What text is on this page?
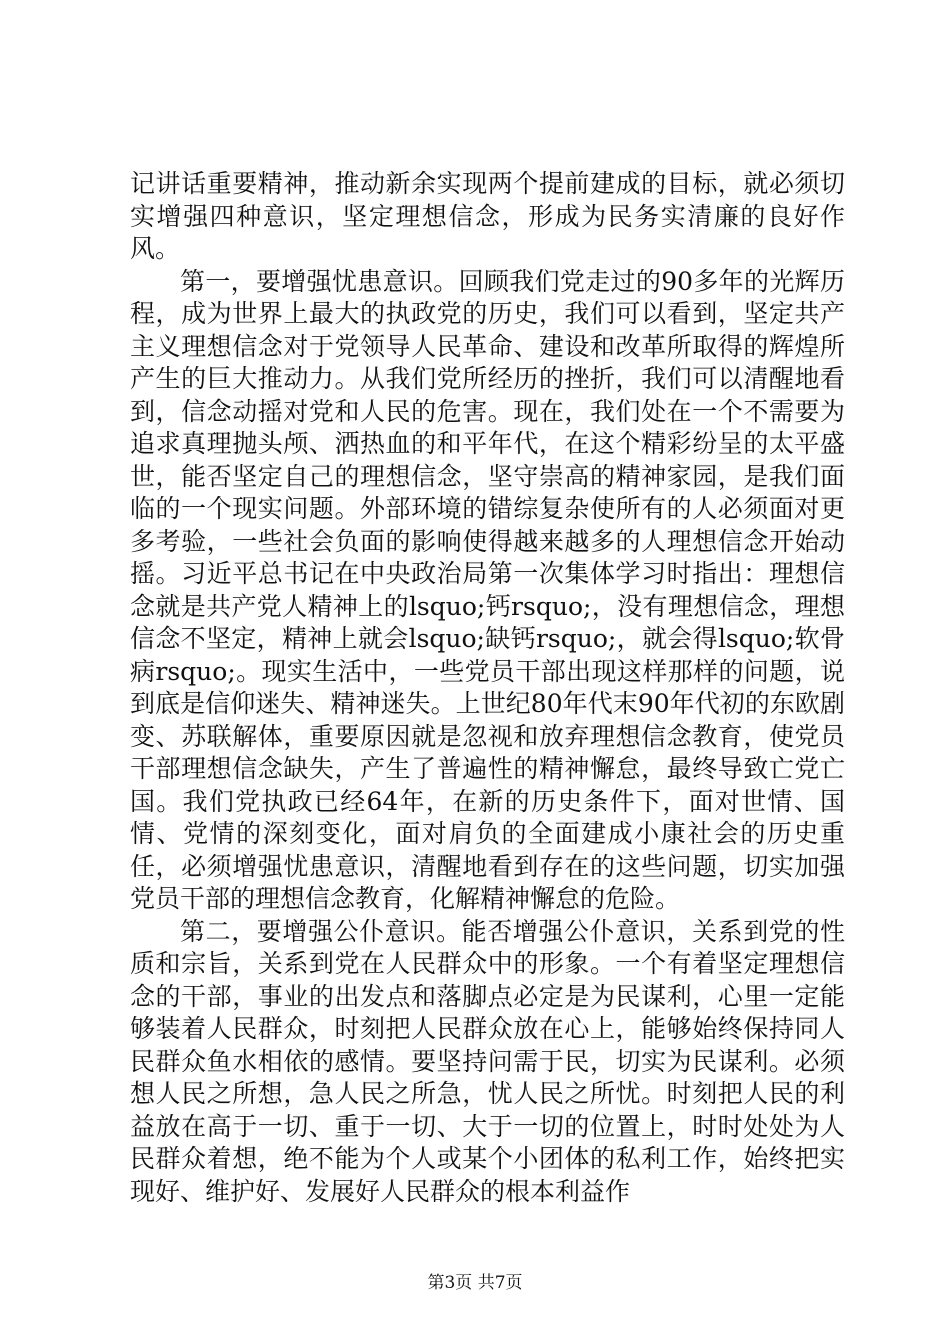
记讲话重要精神，推动新余实现两个提前建成的目标，就必须切实增强四种意识，坚定理想信念，形成为民务实清廉的良好作风。

第一，要增强忧患意识。回顾我们党走过的90多年的光辉历程，成为世界上最大的执政党的历史，我们可以看到，坚定共产主义理想信念对于党领导人民革命、建设和改革所取得的辉煌所产生的巨大推动力。从我们党所经历的挫折，我们可以清醒地看到，信念动摇对党和人民的危害。现在，我们处在一个不需要为追求真理抛头颅、洒热血的和平年代，在这个精彩纷呈的太平盛世，能否坚定自己的理想信念，坚守崇高的精神家园，是我们面临的一个现实问题。外部环境的错综复杂使所有的人必须面对更多考验，一些社会负面的影响使得越来越多的人理想信念开始动摇。习近平总书记在中央政治局第一次集体学习时指出：理想信念就是共产党人精神上的lsquo;钙rsquo;，没有理想信念，理想信念不坚定，精神上就会lsquo;缺钙rsquo;，就会得lsquo;软骨病rsquo;。现实生活中，一些党员干部出现这样那样的问题，说到底是信仰迷失、精神迷失。上世纪80年代末90年代初的东欧剧变、苏联解体，重要原因就是忽视和放弃理想信念教育，使党员干部理想信念缺失，产生了普遍性的精神懈怠，最终导致亡党亡国。我们党执政已经64年，在新的历史条件下，面对世情、国情、党情的深刻变化，面对肩负的全面建成小康社会的历史重任，必须增强忧患意识，清醒地看到存在的这些问题，切实加强党员干部的理想信念教育，化解精神懈怠的危险。

第二，要增强公仆意识。能否增强公仆意识，关系到党的性质和宗旨，关系到党在人民群众中的形象。一个有着坚定理想信念的干部，事业的出发点和落脚点必定是为民谋利，心里一定能够装着人民群众，时刻把人民群众放在心上，能够始终保持同人民群众鱼水相依的感情。要坚持问需于民，切实为民谋利。必须想人民之所想，急人民之所急，忧人民之所忧。时刻把人民的利益放在高于一切、重于一切、大于一切的位置上，时时处处为人民群众着想，绝不能为个人或某个小团体的私利工作，始终把实现好、维护好、发展好人民群众的根本利益作

第3页 共7页
